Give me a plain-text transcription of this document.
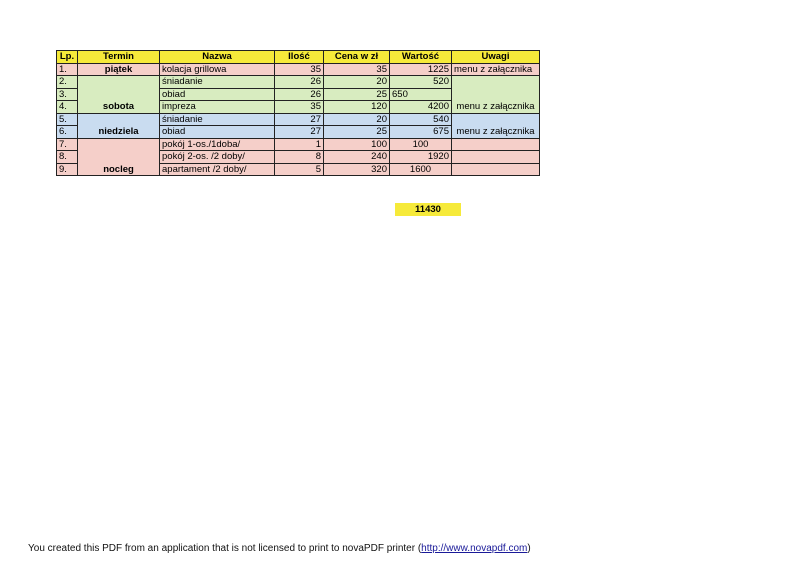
Lp.	Termin	Nazwa	Ilość	Cena w zł	Wartość	Uwagi
1.	piątek	kolacja grillowa	35	35	1225	menu z załącznika
2.	sobota	śniadanie	26	20	520	menu z załącznika
3.		obiad	26	25	650	
4.		impreza	35	120	4200	
5.	niedziela	śniadanie	27	20	540	menu z załącznika
6.		obiad	27	25	675	
7.	nocleg	pokój 1-os./1doba/	1	100	100	
8.		pokój 2-os. /2 doby/	8	240	1920	
9.		apartament /2 doby/	5	320	1600	
11430
You created this PDF from an application that is not licensed to print to novaPDF printer (http://www.novapdf.com)
